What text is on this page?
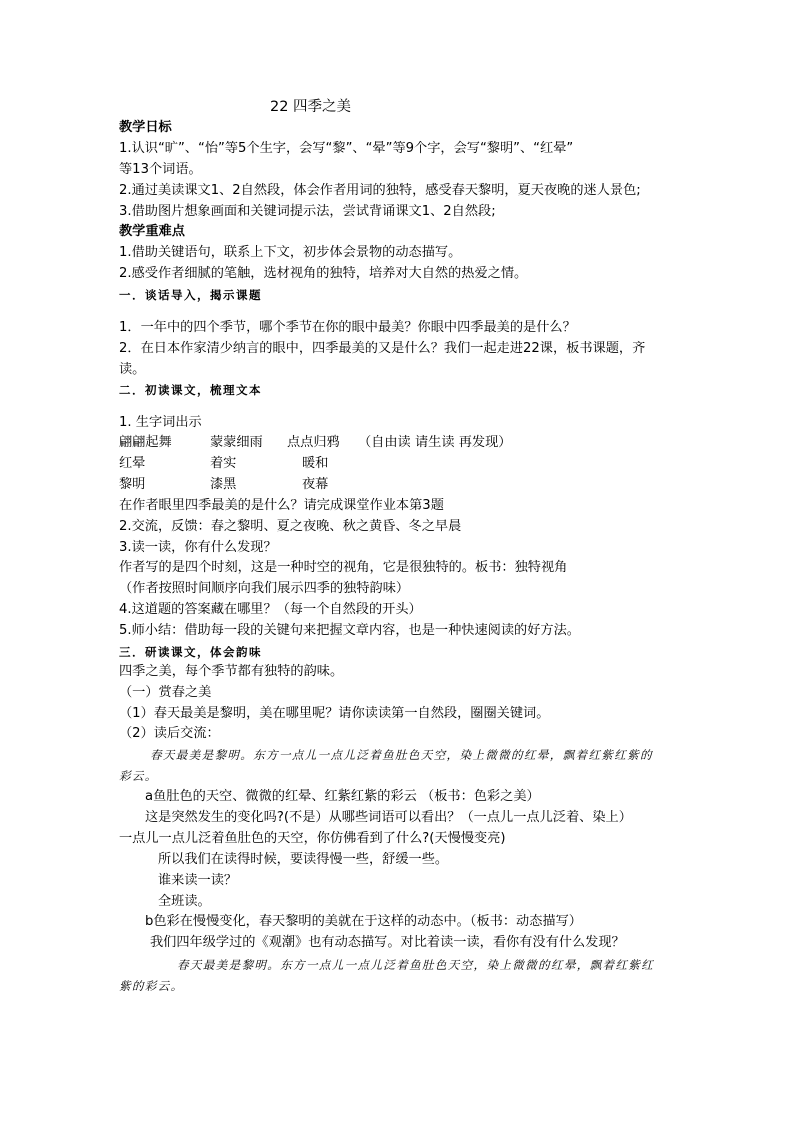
22 四季之美
教学日标
1.认识“旷”、“怡”等5个生字，会写“黎”、“晕”等9个字，会写“黎明”、“红晕”
等13个词语。
2.通过美读课文1、2自然段，体会作者用词的独特，感受春天黎明，夏天夜晚的迷人景色;
3.借助图片想象画面和关键词提示法，尝试背诵课文1、2自然段;
教学重难点
1.借助关键语句，联系上下文，初步体会景物的动态描写。
2.感受作者细腻的笔触，选材视角的独特，培养对大自然的热爱之情。
一．谈话导入，揭示课题
1．一年中的四个季节，哪个季节在你的眼中最美？你眼中四季最美的是什么？
2．在日本作家清少纳言的眼中，四季最美的又是什么？我们一起走进22课，板书课题，齐
读。
二．初读课文，梳理文本
1. 生字词出示
翩翩起舞	蒙蒙细雨 点点归鸦 （自由读 请生读 再发现）
红晕	着实	暖和
黎明	漆黑	夜幕
在作者眼里四季最美的是什么？请完成课堂作业本第3题
2.交流，反馈：春之黎明、夏之夜晚、秋之黄昏、冬之早晨
3.读一读，你有什么发现？
作者写的是四个时刻，这是一种时空的视角，它是很独特的。板书：独特视角
（作者按照时间顺序向我们展示四季的独特韵味）
4.这道题的答案藏在哪里？（每一个自然段的开头）
5.师小结：借助每一段的关键句来把握文章内容，也是一种快速阅读的好方法。
三．研读课文，体会韵味
四季之美，每个季节都有独特的韵味。
（一）赏春之美
（1）春天最美是黎明，美在哪里呢？请你读读第一自然段，圈圈关键词。
（2）读后交流：
春天最美是黎明。东方一点儿一点儿泛着鱼肚色天空，染上微微的红晕，飘着红紫红紫的
彩云。
a鱼肚色的天空、微微的红晕、红紫红紫的彩云 （板书：色彩之美）
这是突然发生的变化吗?(不是）从哪些词语可以看出？（一点儿一点儿泛着、染上）
一点儿一点儿泛着鱼肚色的天空，你仿佛看到了什么?(天慢慢变亮)
所以我们在读得时候，要读得慢一些，舒缓一些。
谁来读一读？
全班读。
b色彩在慢慢变化，春天黎明的美就在于这样的动态中。（板书：动态描写）
我们四年级学过的《观潮》也有动态描写。对比着读一读，看你有没有什么发现？
春天最美是黎明。东方一点儿一点儿泛着鱼肚色天空，染上微微的红晕，飘着红紫红
紫的彩云。
